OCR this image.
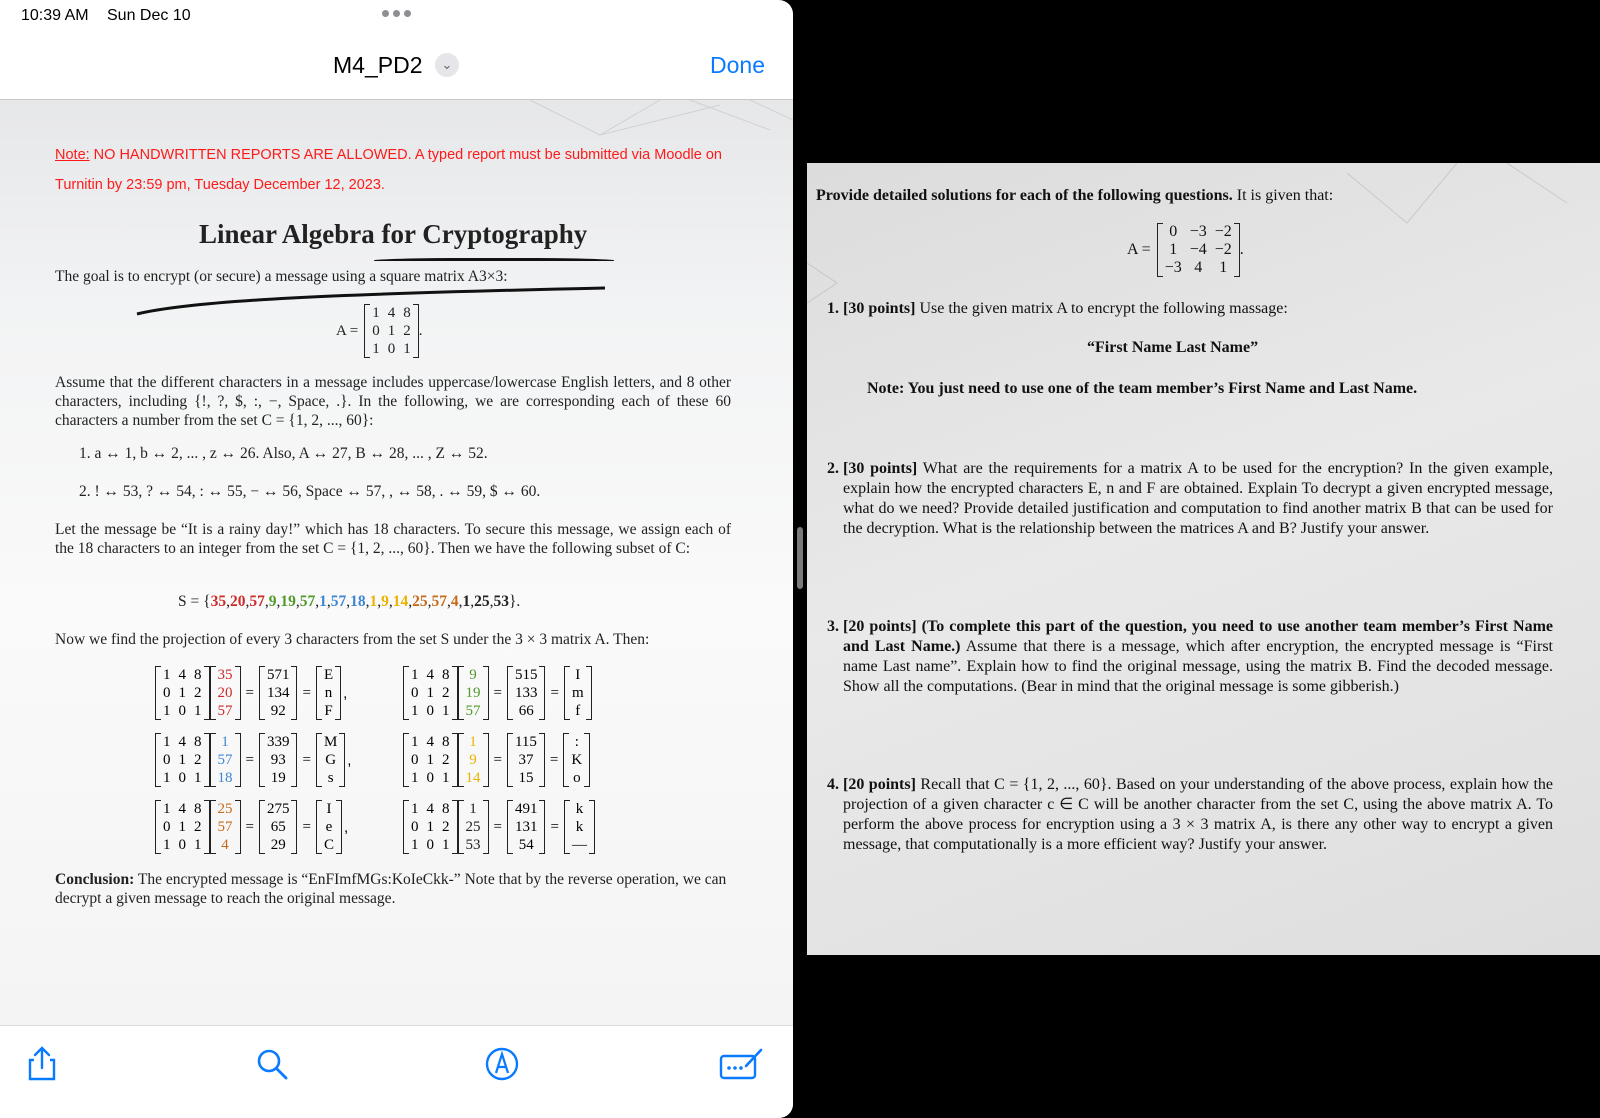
10:39 AM Sun Dec 10
M4_PD2	⌄	Done
Note: NO HANDWRITTEN REPORTS ARE ALLOWED. A typed report must be submitted via Moodle on Turnitin by 23:59 pm, Tuesday December 12, 2023.
Linear Algebra for Cryptography
The goal is to encrypt (or secure) a message using a square matrix A3×3:
A =
1	4	8
0	1	2
1	0	1
.
Assume that the different characters in a message includes uppercase/lowercase English letters, and 8 other characters, including {!, ?, $, :, −, Space, .}. In the following, we are corresponding each of these 60 characters a number from the set C = {1, 2, ..., 60}:
1. a ↔ 1, b ↔ 2, ... , z ↔ 26. Also, A ↔ 27, B ↔ 28, ... , Z ↔ 52.
2. ! ↔ 53, ? ↔ 54, : ↔ 55, − ↔ 56, Space ↔ 57, , ↔ 58, . ↔ 59, $ ↔ 60.
Let the message be “It is a rainy day!” which has 18 characters. To secure this message, we assign each of the 18 characters to an integer from the set C = {1, 2, ..., 60}. Then we have the following subset of C:
S = {35,20,57,9,19,57,1,57,18,1,9,14,25,57,4,1,25,53}.
Now we find the projection of every 3 characters from the set S under the 3 × 3 matrix A. Then:
1	4	8
0	1	2
1	0	1
35
20
57
=
571
134
92
=
E
n
F
,
1	4	8
0	1	2
1	0	1
9
19
57
=
515
133
66
=
I
m
f
1	4	8
0	1	2
1	0	1
1
57
18
=
339
93
19
=
M
G
s
,
1	4	8
0	1	2
1	0	1
1
9
14
=
115
37
15
=
:
K
o
1	4	8
0	1	2
1	0	1
25
57
4
=
275
65
29
=
I
e
C
,
1	4	8
0	1	2
1	0	1
1
25
53
=
491
131
54
=
k
k
—
Conclusion: The encrypted message is “EnFImfMGs:KoIeCkk-” Note that by the reverse operation, we can decrypt a given message to reach the original message.
Provide detailed solutions for each of the following questions. It is given that:
A =
0	−3	−2
1	−4	−2
−3	4	1
.
1. [30 points] Use the given matrix A to encrypt the following massage:
“First Name Last Name”
Note: You just need to use one of the team member’s First Name and Last Name.
2. [30 points] What are the requirements for a matrix A to be used for the encryption? In the given example, explain how the encrypted characters E, n and F are obtained. Explain To decrypt a given encrypted message, what do we need? Provide detailed justification and computation to find another matrix B that can be used for the decryption. What is the relationship between the matrices A and B? Justify your answer.
3. [20 points] (To complete this part of the question, you need to use another team member’s First Name and Last Name.) Assume that there is a message, which after encryption, the encrypted message is “First name Last name”. Explain how to find the original message, using the matrix B. Find the decoded message. Show all the computations. (Bear in mind that the original message is some gibberish.)
4. [20 points] Recall that C = {1, 2, ..., 60}. Based on your understanding of the above process, explain how the projection of a given character c ∈ C will be another character from the set C, using the above matrix A. To perform the above process for encryption using a 3 × 3 matrix A, is there any other way to encrypt a given message, that computationally is a more efficient way? Justify your answer.
